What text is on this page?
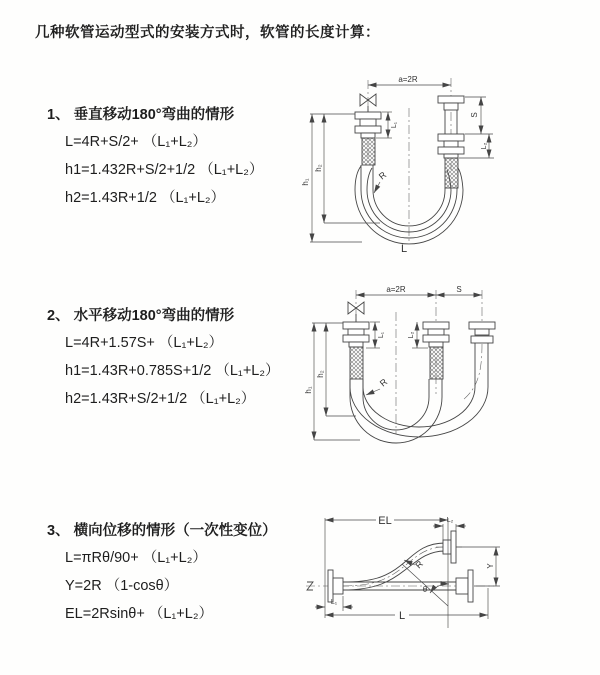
几种软管运动型式的安装方式时，软管的长度计算：
1、 垂直移动180°弯曲的情形
L=4R+S/2+ （L₁+L₂）
h1=1.432R+S/2+1/2 （L₁+L₂）
h2=1.43R+1/2 （L₁+L₂）
2、 水平移动180°弯曲的情形
L=4R+1.57S+ （L₁+L₂）
h1=1.43R+0.785S+1/2 （L₁+L₂）
h2=1.43R+S/2+1/2 （L₁+L₂）
3、 横向位移的情形（一次性变位）
L=πRθ/90+ （L₁+L₂）
Y=2R （1-cosθ）
EL=2Rsinθ+ （L₁+L₂）
a=2R
h₁
h₂
L₁
S
L₂
R
L
a=2R	S
h₁
h₂
L₁	L₂
R
θ
EL	L₂
Y
L
L₁
R
